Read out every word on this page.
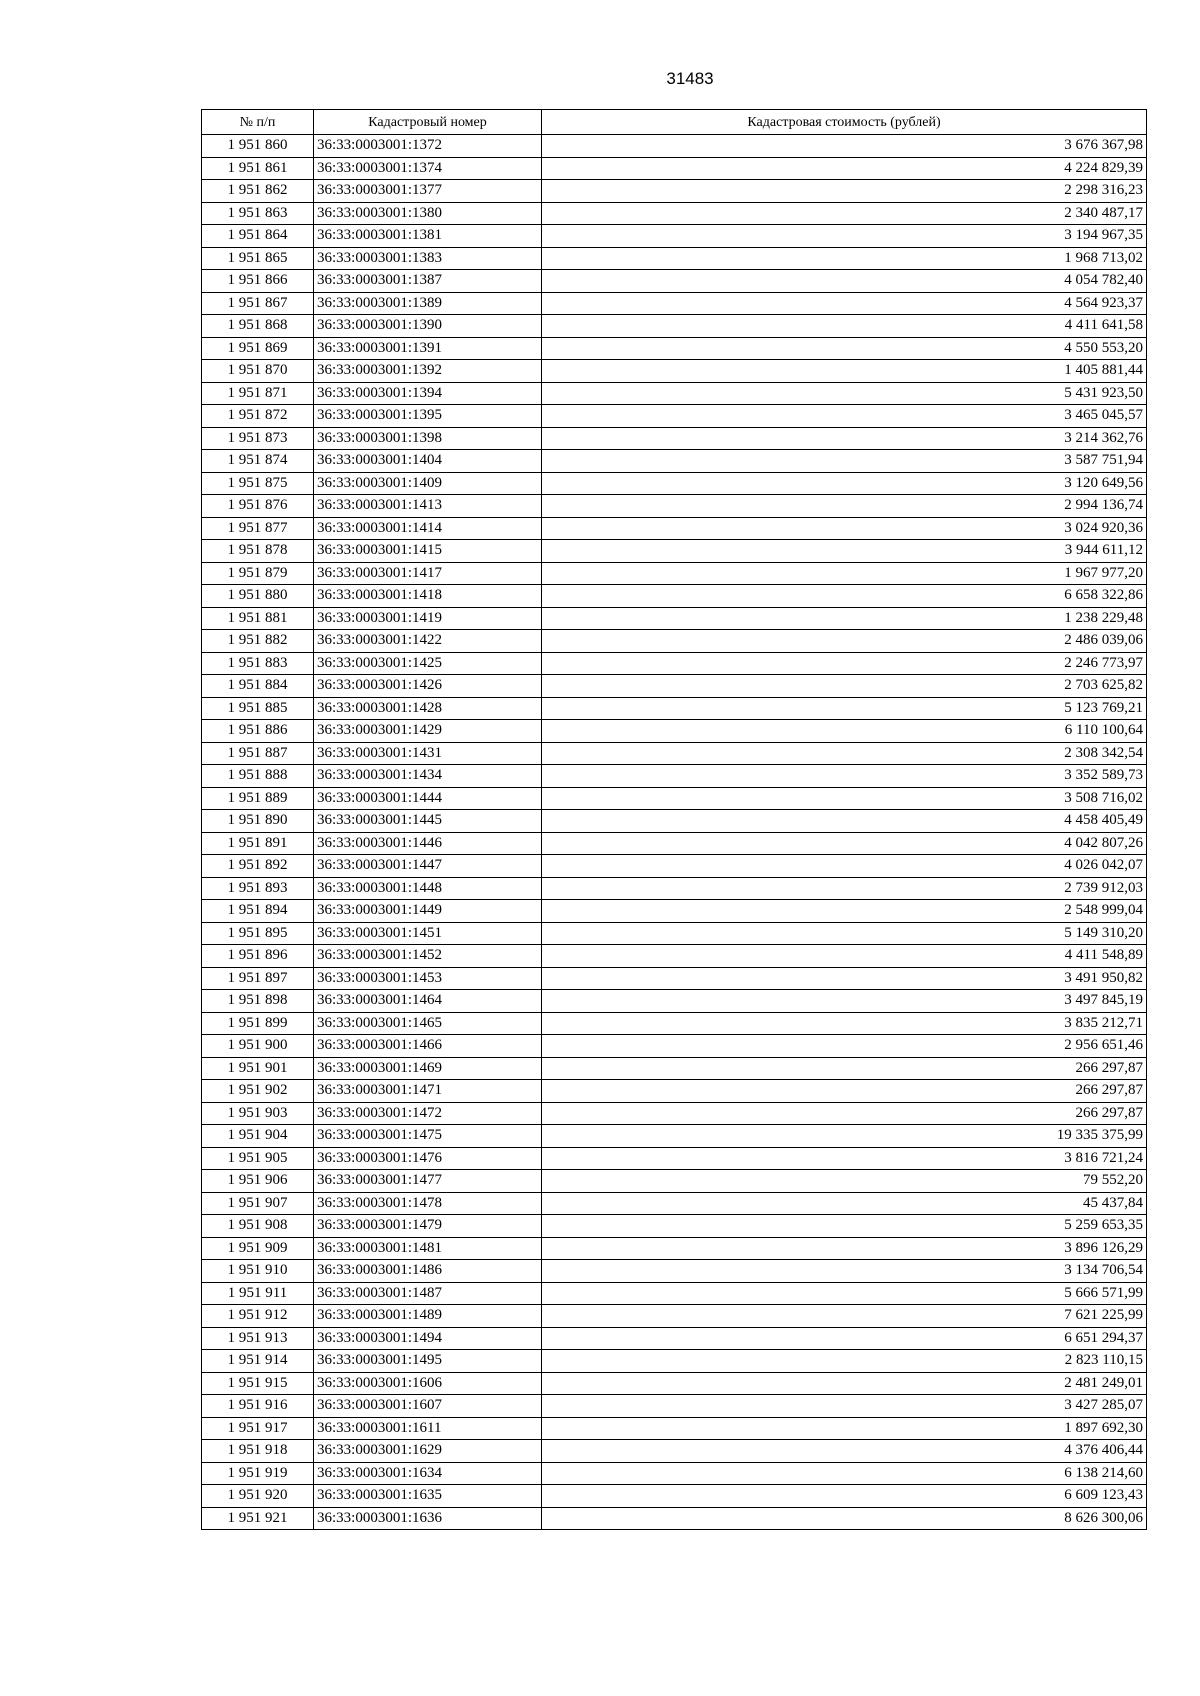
31483
№ п/п	Кадастровый номер	Кадастровая стоимость (рублей)
1 951 860	36:33:0003001:1372	3 676 367,98
1 951 861	36:33:0003001:1374	4 224 829,39
1 951 862	36:33:0003001:1377	2 298 316,23
1 951 863	36:33:0003001:1380	2 340 487,17
1 951 864	36:33:0003001:1381	3 194 967,35
1 951 865	36:33:0003001:1383	1 968 713,02
1 951 866	36:33:0003001:1387	4 054 782,40
1 951 867	36:33:0003001:1389	4 564 923,37
1 951 868	36:33:0003001:1390	4 411 641,58
1 951 869	36:33:0003001:1391	4 550 553,20
1 951 870	36:33:0003001:1392	1 405 881,44
1 951 871	36:33:0003001:1394	5 431 923,50
1 951 872	36:33:0003001:1395	3 465 045,57
1 951 873	36:33:0003001:1398	3 214 362,76
1 951 874	36:33:0003001:1404	3 587 751,94
1 951 875	36:33:0003001:1409	3 120 649,56
1 951 876	36:33:0003001:1413	2 994 136,74
1 951 877	36:33:0003001:1414	3 024 920,36
1 951 878	36:33:0003001:1415	3 944 611,12
1 951 879	36:33:0003001:1417	1 967 977,20
1 951 880	36:33:0003001:1418	6 658 322,86
1 951 881	36:33:0003001:1419	1 238 229,48
1 951 882	36:33:0003001:1422	2 486 039,06
1 951 883	36:33:0003001:1425	2 246 773,97
1 951 884	36:33:0003001:1426	2 703 625,82
1 951 885	36:33:0003001:1428	5 123 769,21
1 951 886	36:33:0003001:1429	6 110 100,64
1 951 887	36:33:0003001:1431	2 308 342,54
1 951 888	36:33:0003001:1434	3 352 589,73
1 951 889	36:33:0003001:1444	3 508 716,02
1 951 890	36:33:0003001:1445	4 458 405,49
1 951 891	36:33:0003001:1446	4 042 807,26
1 951 892	36:33:0003001:1447	4 026 042,07
1 951 893	36:33:0003001:1448	2 739 912,03
1 951 894	36:33:0003001:1449	2 548 999,04
1 951 895	36:33:0003001:1451	5 149 310,20
1 951 896	36:33:0003001:1452	4 411 548,89
1 951 897	36:33:0003001:1453	3 491 950,82
1 951 898	36:33:0003001:1464	3 497 845,19
1 951 899	36:33:0003001:1465	3 835 212,71
1 951 900	36:33:0003001:1466	2 956 651,46
1 951 901	36:33:0003001:1469	266 297,87
1 951 902	36:33:0003001:1471	266 297,87
1 951 903	36:33:0003001:1472	266 297,87
1 951 904	36:33:0003001:1475	19 335 375,99
1 951 905	36:33:0003001:1476	3 816 721,24
1 951 906	36:33:0003001:1477	79 552,20
1 951 907	36:33:0003001:1478	45 437,84
1 951 908	36:33:0003001:1479	5 259 653,35
1 951 909	36:33:0003001:1481	3 896 126,29
1 951 910	36:33:0003001:1486	3 134 706,54
1 951 911	36:33:0003001:1487	5 666 571,99
1 951 912	36:33:0003001:1489	7 621 225,99
1 951 913	36:33:0003001:1494	6 651 294,37
1 951 914	36:33:0003001:1495	2 823 110,15
1 951 915	36:33:0003001:1606	2 481 249,01
1 951 916	36:33:0003001:1607	3 427 285,07
1 951 917	36:33:0003001:1611	1 897 692,30
1 951 918	36:33:0003001:1629	4 376 406,44
1 951 919	36:33:0003001:1634	6 138 214,60
1 951 920	36:33:0003001:1635	6 609 123,43
1 951 921	36:33:0003001:1636	8 626 300,06
